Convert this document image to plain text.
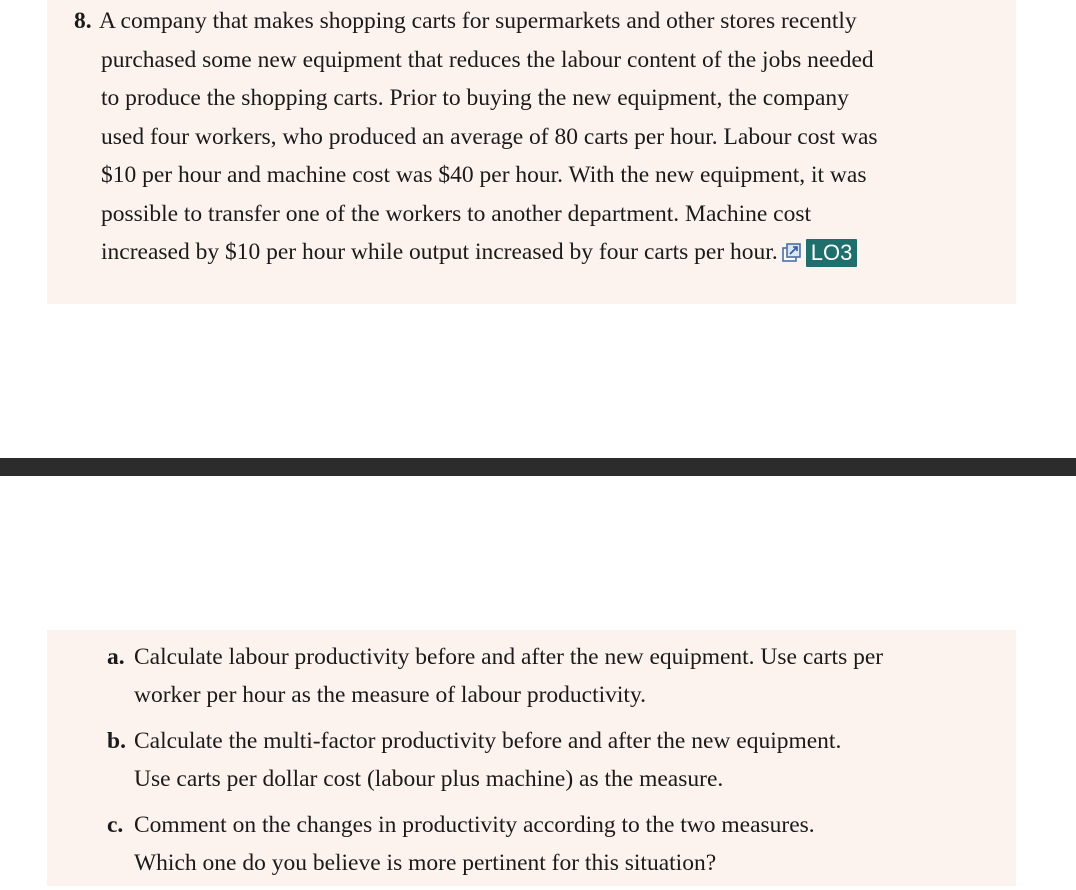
8. A company that makes shopping carts for supermarkets and other stores recently
purchased some new equipment that reduces the labour content of the jobs needed
to produce the shopping carts. Prior to buying the new equipment, the company
used four workers, who produced an average of 80 carts per hour. Labour cost was
$10 per hour and machine cost was $40 per hour. With the new equipment, it was
possible to transfer one of the workers to another department. Machine cost
increased by $10 per hour while output increased by four carts per hour. LO3
a. Calculate labour productivity before and after the new equipment. Use carts per
worker per hour as the measure of labour productivity.
b. Calculate the multi-factor productivity before and after the new equipment.
Use carts per dollar cost (labour plus machine) as the measure.
c. Comment on the changes in productivity according to the two measures.
Which one do you believe is more pertinent for this situation?
